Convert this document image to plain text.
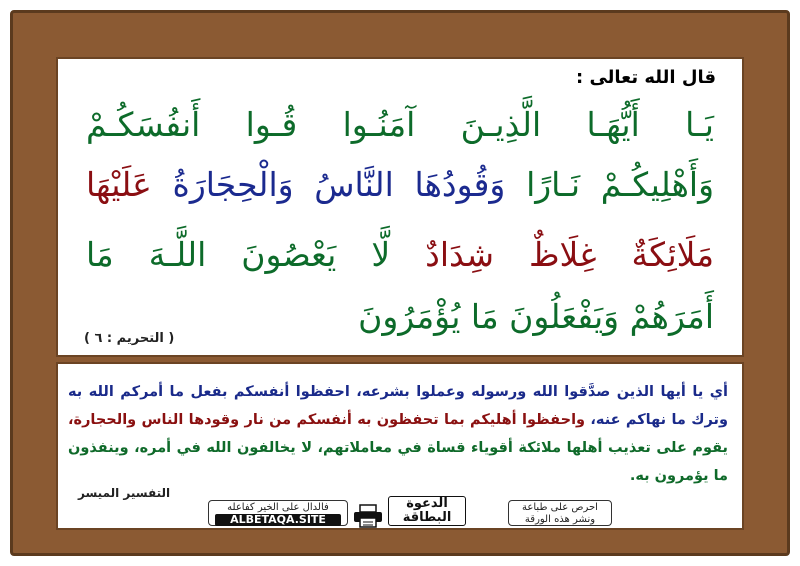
قال الله تعالى :
يَـا أَيُّهَـا الَّذِيـنَ آمَنُـوا قُـوا أَنفُسَكُـمْ
وَأَهْلِيكُـمْ نَـارًا وَقُودُهَا النَّاسُ وَالْحِجَارَةُ عَلَيْهَا
مَلَائِكَةٌ غِلَاظٌ شِدَادٌ لَّا يَعْصُونَ اللَّـهَ مَا
أَمَرَهُمْ وَيَفْعَلُونَ مَا يُؤْمَرُونَ
( التحريم : ٦ )
أي يا أيها الذين صدَّقوا الله ورسوله وعملوا بشرعه، احفظوا أنفسكم بفعل ما أمركم الله به وترك ما نهاكم عنه، واحفظوا أهليكم بما تحفظون به أنفسكم من نار وقودها الناس والحجارة، يقوم على تعذيب أهلها ملائكة أقوياء قساة في معاملاتهم، لا يخالفون الله في أمره، وينفذون ما يؤمرون به.
التفسير الميسر
فالدال على الخير كفاعله
ALBETAQA.SITE
الدعوة
البطاقة
احرص على طباعة
ونشر هذه الورقة
